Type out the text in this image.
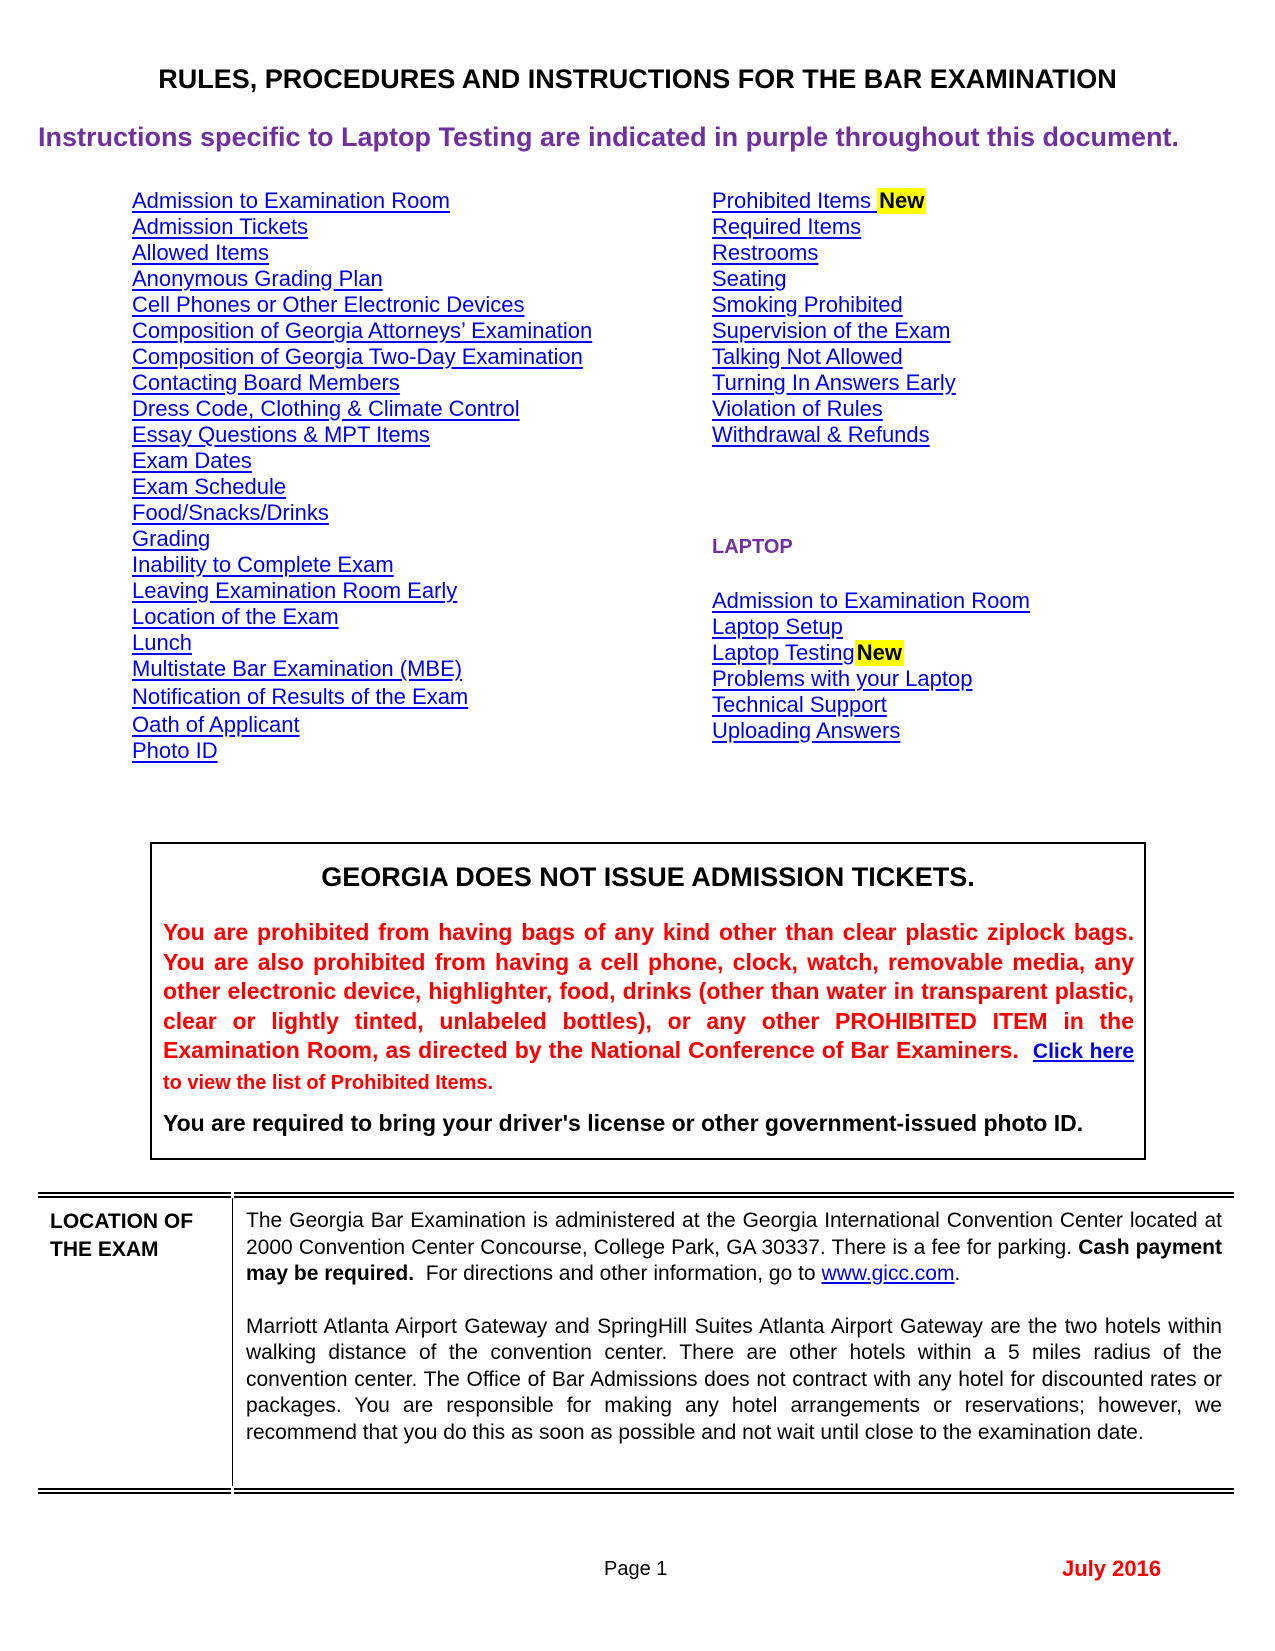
RULES, PROCEDURES AND INSTRUCTIONS FOR THE BAR EXAMINATION
Instructions specific to Laptop Testing are indicated in purple throughout this document.
Admission to Examination Room
Admission Tickets
Allowed Items
Anonymous Grading Plan
Cell Phones or Other Electronic Devices
Composition of Georgia Attorneys’ Examination
Composition of Georgia Two-Day Examination
Contacting Board Members
Dress Code, Clothing & Climate Control
Essay Questions & MPT Items
Exam Dates
Exam Schedule
Food/Snacks/Drinks
Grading
Inability to Complete Exam
Leaving Examination Room Early
Location of the Exam
Lunch
Multistate Bar Examination (MBE)
Notification of Results of the Exam
Oath of Applicant
Photo ID
Prohibited Items New
Required Items
Restrooms
Seating
Smoking Prohibited
Supervision of the Exam
Talking Not Allowed
Turning In Answers Early
Violation of Rules
Withdrawal & Refunds
LAPTOP
Admission to Examination Room
Laptop Setup
Laptop TestingNew
Problems with your Laptop
Technical Support
Uploading Answers
GEORGIA DOES NOT ISSUE ADMISSION TICKETS.
You are prohibited from having bags of any kind other than clear plastic ziplock bags. You are also prohibited from having a cell phone, clock, watch, removable media, any other electronic device, highlighter, food, drinks (other than water in transparent plastic, clear or lightly tinted, unlabeled bottles), or any other PROHIBITED ITEM in the Examination Room, as directed by the National Conference of Bar Examiners. Click here to view the list of Prohibited Items.
You are required to bring your driver's license or other government-issued photo ID.
LOCATION OF THE EXAM

The Georgia Bar Examination is administered at the Georgia International Convention Center located at 2000 Convention Center Concourse, College Park, GA 30337. There is a fee for parking. Cash payment may be required. For directions and other information, go to www.gicc.com.

Marriott Atlanta Airport Gateway and SpringHill Suites Atlanta Airport Gateway are the two hotels within walking distance of the convention center. There are other hotels within a 5 miles radius of the convention center. The Office of Bar Admissions does not contract with any hotel for discounted rates or packages. You are responsible for making any hotel arrangements or reservations; however, we recommend that you do this as soon as possible and not wait until close to the examination date.

Page 1	July 2016
